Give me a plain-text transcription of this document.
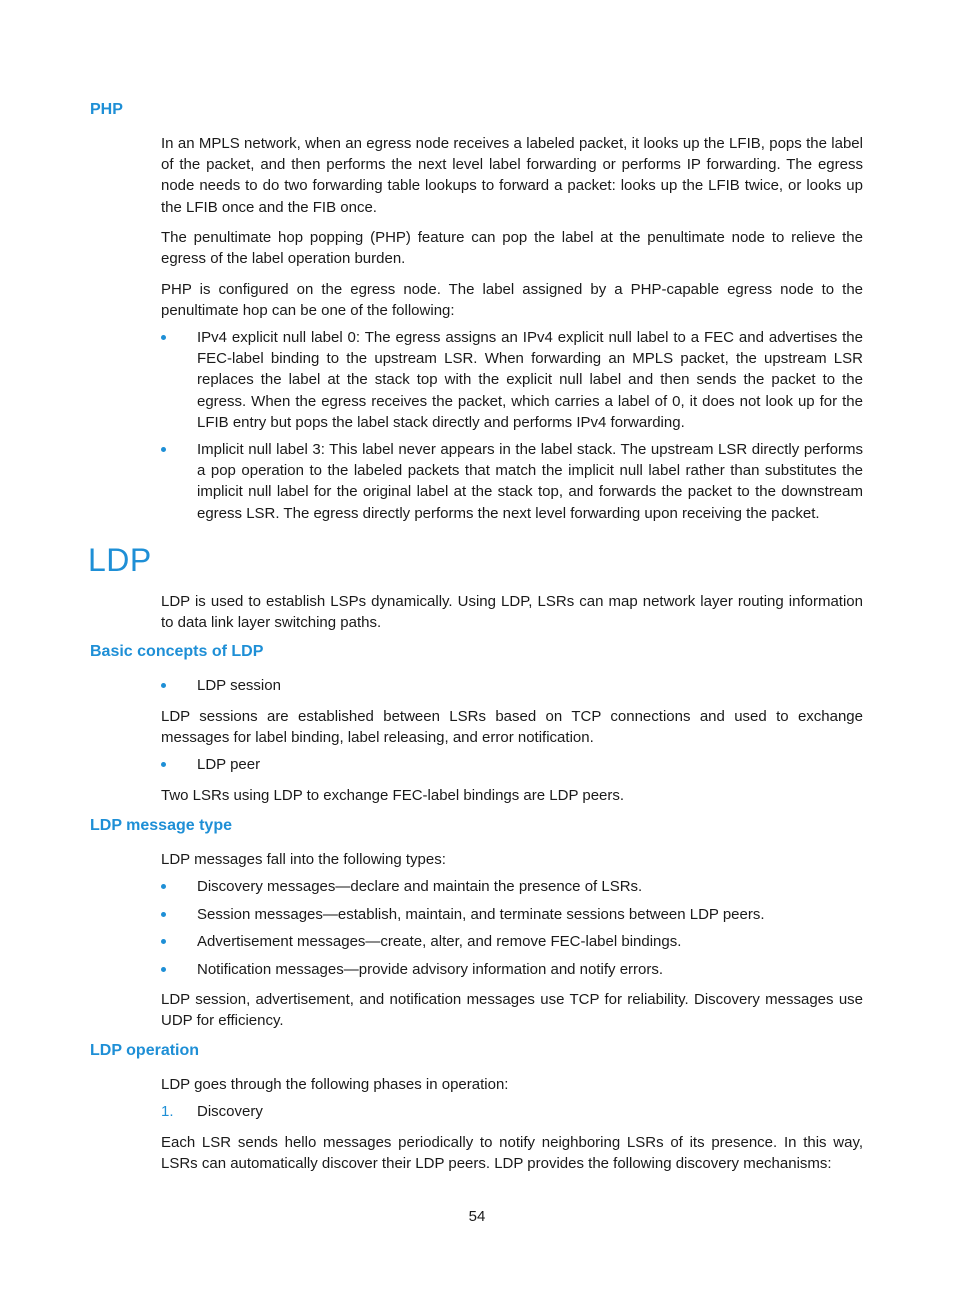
PHP

In an MPLS network, when an egress node receives a labeled packet, it looks up the LFIB, pops the label of the packet, and then performs the next level label forwarding or performs IP forwarding. The egress node needs to do two forwarding table lookups to forward a packet: looks up the LFIB twice, or looks up the LFIB once and the FIB once.

The penultimate hop popping (PHP) feature can pop the label at the penultimate node to relieve the egress of the label operation burden.

PHP is configured on the egress node. The label assigned by a PHP-capable egress node to the penultimate hop can be one of the following:

IPv4 explicit null label 0: The egress assigns an IPv4 explicit null label to a FEC and advertises the FEC-label binding to the upstream LSR. When forwarding an MPLS packet, the upstream LSR replaces the label at the stack top with the explicit null label and then sends the packet to the egress. When the egress receives the packet, which carries a label of 0, it does not look up for the LFIB entry but pops the label stack directly and performs IPv4 forwarding.
Implicit null label 3: This label never appears in the label stack. The upstream LSR directly performs a pop operation to the labeled packets that match the implicit null label rather than substitutes the implicit null label for the original label at the stack top, and forwards the packet to the downstream egress LSR. The egress directly performs the next level forwarding upon receiving the packet.
LDP

LDP is used to establish LSPs dynamically. Using LDP, LSRs can map network layer routing information to data link layer switching paths.

Basic concepts of LDP
LDP session

LDP sessions are established between LSRs based on TCP connections and used to exchange messages for label binding, label releasing, and error notification.

LDP peer

Two LSRs using LDP to exchange FEC-label bindings are LDP peers.

LDP message type

LDP messages fall into the following types:

Discovery messages—declare and maintain the presence of LSRs.
Session messages—establish, maintain, and terminate sessions between LDP peers.
Advertisement messages—create, alter, and remove FEC-label bindings.
Notification messages—provide advisory information and notify errors.

LDP session, advertisement, and notification messages use TCP for reliability. Discovery messages use UDP for efficiency.

LDP operation

LDP goes through the following phases in operation:

1. Discovery

Each LSR sends hello messages periodically to notify neighboring LSRs of its presence. In this way, LSRs can automatically discover their LDP peers. LDP provides the following discovery mechanisms:

54
